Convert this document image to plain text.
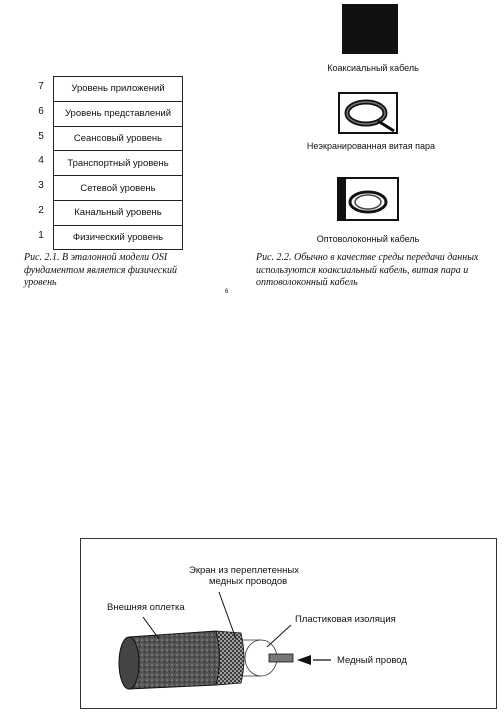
7	Уровень приложений
6	Уровень представлений
5	Сеансовый уровень
4	Транспортный уровень
3	Сетевой уровень
2	Канальный уровень
1	Физический уровень
Рис. 2.1. В эталонной модели OSI фундаментом является физический уровень
Рис. 2.2. Обычно в качестве среды передачи данных используются коаксиальный кабель, витая пара и оптоволоконный кабель
6
Коаксиальный кабель
Неэкранированная витая пара
Оптоволоконный кабель
Экран из переплетенных
медных проводов
Внешняя оплетка
Пластиковая изоляция
Медный провод
